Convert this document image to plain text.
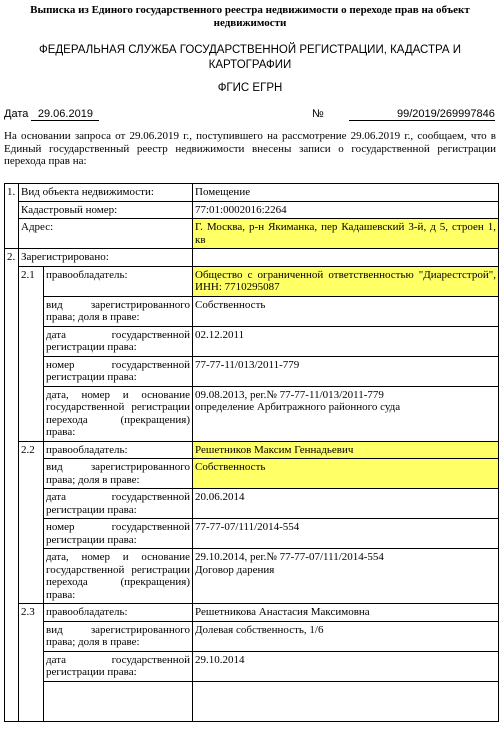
Выписка из Единого государственного реестра недвижимости о переходе прав на объект недвижимости
ФЕДЕРАЛЬНАЯ СЛУЖБА ГОСУДАРСТВЕННОЙ РЕГИСТРАЦИИ, КАДАСТРА И КАРТОГРАФИИ
ФГИС ЕГРН
Дата 29.06.2019	№	99/2019/269997846
На основании запроса от 29.06.2019 г., поступившего на рассмотрение 29.06.2019 г., сообщаем, что в Единый государственный реестр недвижимости внесены записи о государственной регистрации перехода прав на:
1.	Вид объекта недвижимости:		Помещение
	Кадастровый номер:		77:01:0002016:2264
	Адрес:		Г. Москва, р-н Якиманка, пер Кадашевский 3-й, д 5, строен 1, кв
2.	Зарегистрировано:		
	2.1	правообладатель:	Общество с ограниченной ответственностью "Диарестстрой", ИНН: 7710295087
		вид зарегистрированного права; доля в праве:	Собственность
		дата государственной регистрации права:	02.12.2011
		номер государственной регистрации права:	77-77-11/013/2011-779
		дата, номер и основание государственной регистрации перехода (прекращения) права:	09.08.2013, рег.№ 77-77-11/013/2011-779
определение Арбитражного районного суда

	2.2	правообладатель:	Решетников Максим Геннадьевич
		вид зарегистрированного права; доля в праве:	Собственность
		дата государственной регистрации права:	20.06.2014
		номер государственной регистрации права:	77-77-07/111/2014-554
		дата, номер и основание государственной регистрации перехода (прекращения) права:	29.10.2014, рег.№ 77-77-07/111/2014-554
Договор дарения

	2.3	правообладатель:	Решетникова Анастасия Максимовна
		вид зарегистрированного права; доля в праве:	Долевая собственность, 1/6
		дата государственной регистрации права:	29.10.2014
